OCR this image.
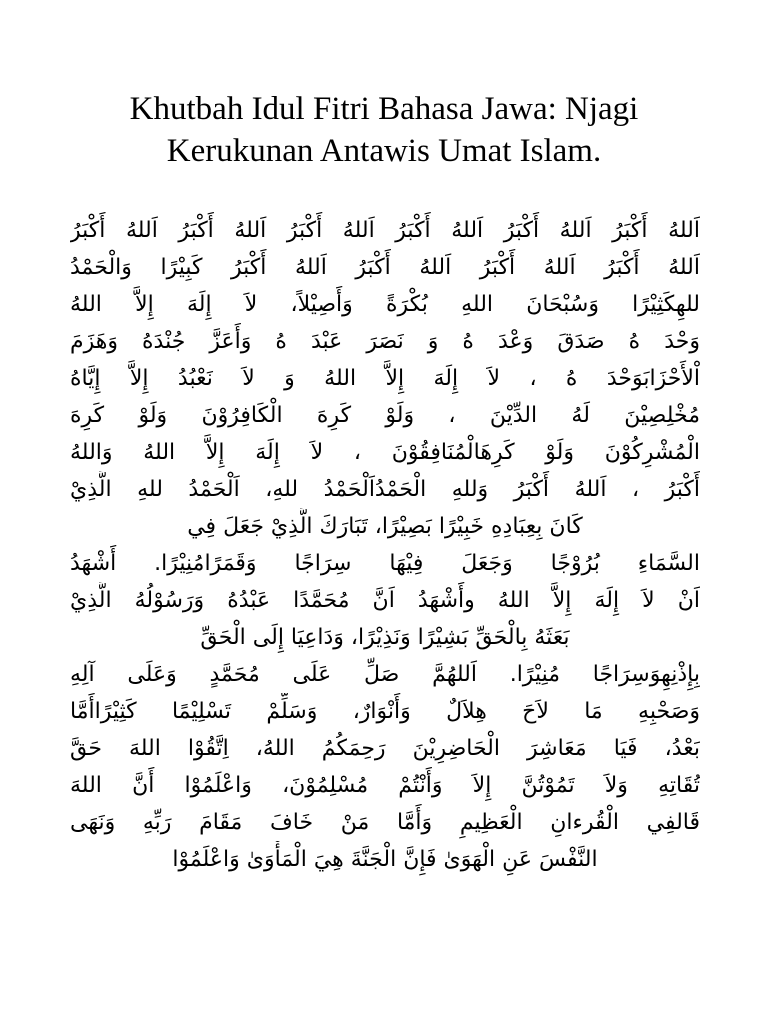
Khutbah Idul Fitri Bahasa Jawa: Njagi
Kerukunan Antawis Umat Islam.
اَللهُ أَكْبَرُ اَللهُ أَكْبَرُ اَللهُ أَكْبَرُ اَللهُ أَكْبَرُ اَللهُ أَكْبَرُ اَللهُ أَكْبَرُ
اَللهُ أَكْبَرُ اَللهُ أَكْبَرُ اَللهُ أَكْبَرُ اَللهُ أَكْبَرُ كَبِيْرًا وَالْحَمْدُ
للهِكَثِيْرًا وَسُبْحَانَ اللهِ بُكْرَةً وَأَصِيْلاً، لاَ إِلَهَ إِلاَّ اللهُ
وَحْدَ هُ صَدَقَ وَعْدَ هُ وَ نَصَرَ عَبْدَ هُ وَأَعَزَّ جُنْدَهُ وَهَزَمَ
اْلأَحْزَابَوَحْدَ هُ ، لاَ إِلَهَ إِلاَّ اللهُ وَ لاَ نَعْبُدُ إِلاَّ إِيَّاهُ
مُخْلِصِيْنَ لَهُ الدِّيْنَ ، وَلَوْ كَرِهَ الْكَافِرُوْنَ وَلَوْ كَرِهَ
الْمُشْرِكُوْنَ وَلَوْ كَرِهَالْمُنَافِقُوْنَ ، لاَ إِلَهَ إِلاَّ اللهُ وَاللهُ
أَكْبَرُ ، اَللهُ أَكْبَرُ وَللهِ الْحَمْدُاَلْحَمْدُ للهِ، اَلْحَمْدُ للهِ الَّذِيْ
كَانَ بِعِبَادِهِ خَبِيْرًا بَصِيْرًا، تَبَارَكَ الَّذِيْ جَعَلَ فِي
السَّمَاءِ بُرُوْجًا وَجَعَلَ فِيْهَا سِرَاجًا وَقَمَرًامُنِيْرًا. أَشْهَدُ
اَنْ لاَ إِلَهَ إِلاَّ اللهُ وأَشْهَدُ اَنَّ مُحَمَّدًا عَبْدُهُ وَرَسُوْلُهُ الَّذِيْ
بَعَثَهُ بِالْحَقِّ بَشِيْرًا وَنَذِيْرًا، وَدَاعِيَا إِلَى الْحَقِّ
بِإِذْنِهِوَسِرَاجًا مُنِيْرًا. اَللهُمَّ صَلِّ عَلَى مُحَمَّدٍ وَعَلَى آلِهِ
وَصَحْبِهِ مَا لاَحَ هِلاَلٌ وَأَنْوَارٌ، وَسَلِّمْ تَسْلِيْمًا كَثِيْرًاأَمَّا
بَعْدُ، فَيَا مَعَاشِرَ الْحَاضِرِيْنَ رَحِمَكُمُ اللهُ، اِتَّقُوْا اللهَ حَقَّ
تُقَاتِهِ وَلاَ تَمُوْتُنَّ إِلاَ وَأَنْتُمْ مُسْلِمُوْنَ، وَاعْلَمُوْا أَنَّ اللهَ
قَالفِي الْقُرءانِ الْعَظِيمِ وَأَمَّا مَنْ خَافَ مَقَامَ رَبِّهِ وَنَهَى
النَّفْسَ عَنِ الْهَوَىٰ فَإِنَّ الْجَنَّةَ هِيَ الْمَأْوَىٰ وَاعْلَمُوْا
